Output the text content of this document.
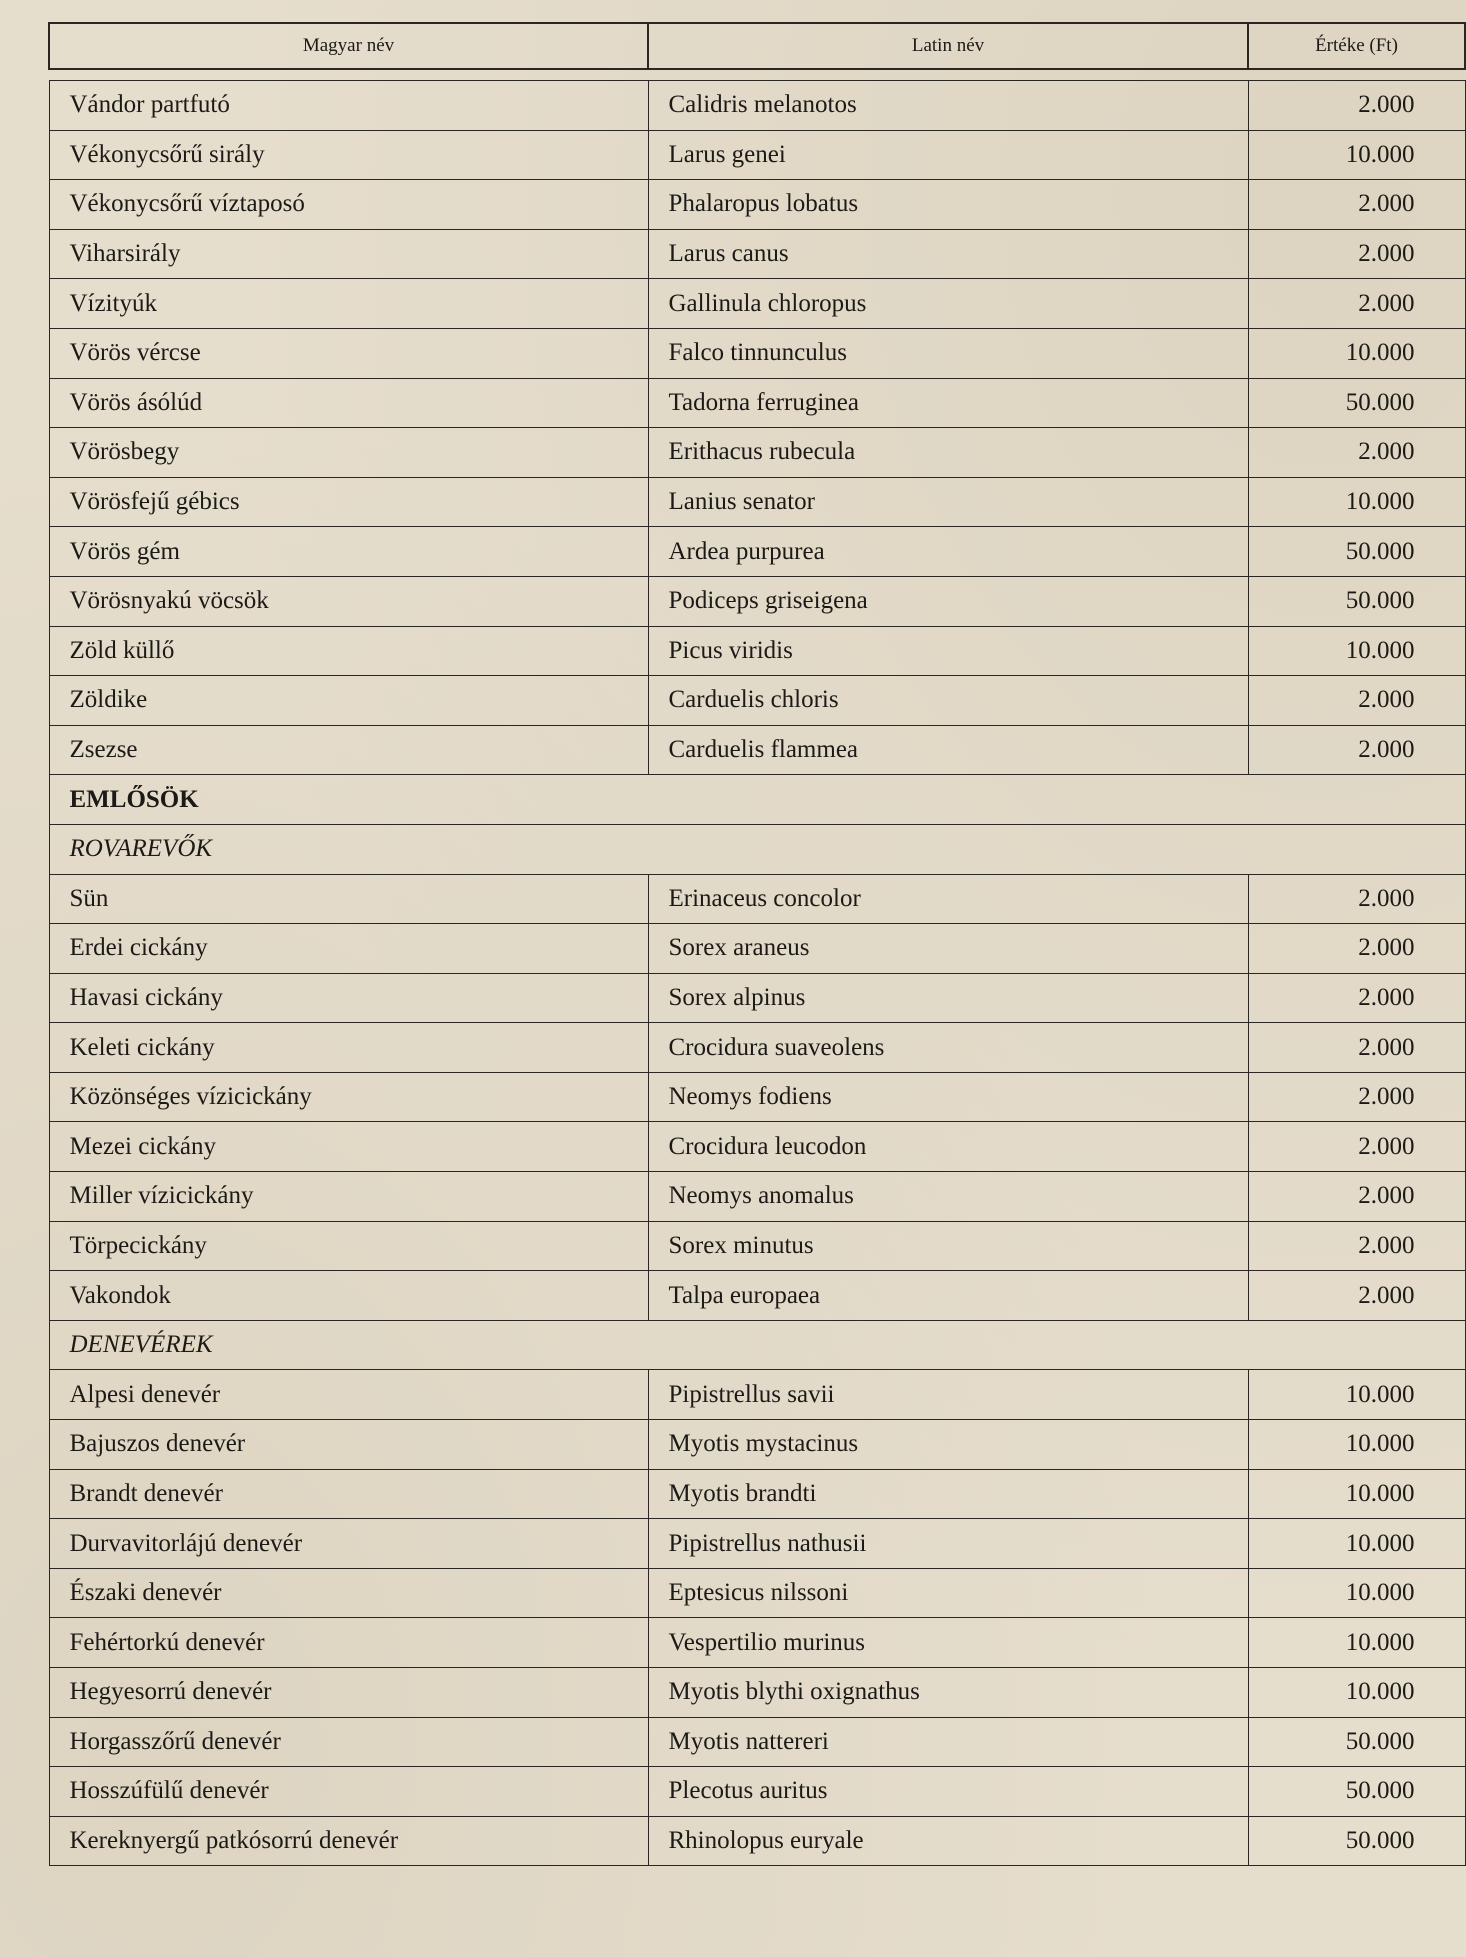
Magyar név	Latin név	Értéke (Ft)

Vándor partfutó	Calidris melanotos	2.000
Vékonycsőrű sirály	Larus genei	10.000
Vékonycsőrű víztaposó	Phalaropus lobatus	2.000
Viharsirály	Larus canus	2.000
Vízityúk	Gallinula chloropus	2.000
Vörös vércse	Falco tinnunculus	10.000
Vörös ásólúd	Tadorna ferruginea	50.000
Vörösbegy	Erithacus rubecula	2.000
Vörösfejű gébics	Lanius senator	10.000
Vörös gém	Ardea purpurea	50.000
Vörösnyakú vöcsök	Podiceps griseigena	50.000
Zöld küllő	Picus viridis	10.000
Zöldike	Carduelis chloris	2.000
Zsezse	Carduelis flammea	2.000
EMLŐSÖK		
ROVAREVŐK		
Sün	Erinaceus concolor	2.000
Erdei cickány	Sorex araneus	2.000
Havasi cickány	Sorex alpinus	2.000
Keleti cickány	Crocidura suaveolens	2.000
Közönséges vízicickány	Neomys fodiens	2.000
Mezei cickány	Crocidura leucodon	2.000
Miller vízicickány	Neomys anomalus	2.000
Törpecickány	Sorex minutus	2.000
Vakondok	Talpa europaea	2.000
DENEVÉREK		
Alpesi denevér	Pipistrellus savii	10.000
Bajuszos denevér	Myotis mystacinus	10.000
Brandt denevér	Myotis brandti	10.000
Durvavitorlájú denevér	Pipistrellus nathusii	10.000
Északi denevér	Eptesicus nilssoni	10.000
Fehértorkú denevér	Vespertilio murinus	10.000
Hegyesorrú denevér	Myotis blythi oxignathus	10.000
Horgasszőrű denevér	Myotis nattereri	50.000
Hosszúfülű denevér	Plecotus auritus	50.000
Kereknyergű patkósorrú denevér	Rhinolopus euryale	50.000
